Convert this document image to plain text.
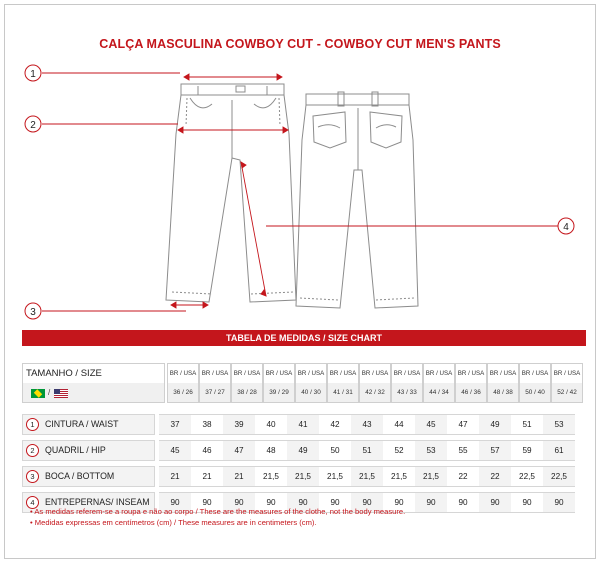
CALÇA MASCULINA COWBOY CUT - COWBOY CUT MEN'S PANTS
1
2
3
4
TABELA DE MEDIDAS / SIZE CHART
TAMANHO / SIZE		BR / USA	BR / USA	BR / USA	BR / USA	BR / USA	BR / USA	BR / USA	BR / USA	BR / USA	BR / USA	BR / USA	BR / USA	BR / USA
/		36 / 26	37 / 27	38 / 28	39 / 29	40 / 30	41 / 31	42 / 32	43 / 33	44 / 34	46 / 36	48 / 38	50 / 40	52 / 42

1 CINTURA / WAIST		37	38	39	40	41	42	43	44	45	47	49	51	53
2 QUADRIL / HIP		45	46	47	48	49	50	51	52	53	55	57	59	61
3 BOCA / BOTTOM		21	21	21	21,5	21,5	21,5	21,5	21,5	21,5	22	22	22,5	22,5
4 ENTREPERNAS/ INSEAM		90	90	90	90	90	90	90	90	90	90	90	90	90
• As medidas referem-se a roupa e não ao corpo / These are the measures of the clothe, not the body measure.
• Medidas expressas em centímetros (cm) / These measures are in centimeters (cm).
